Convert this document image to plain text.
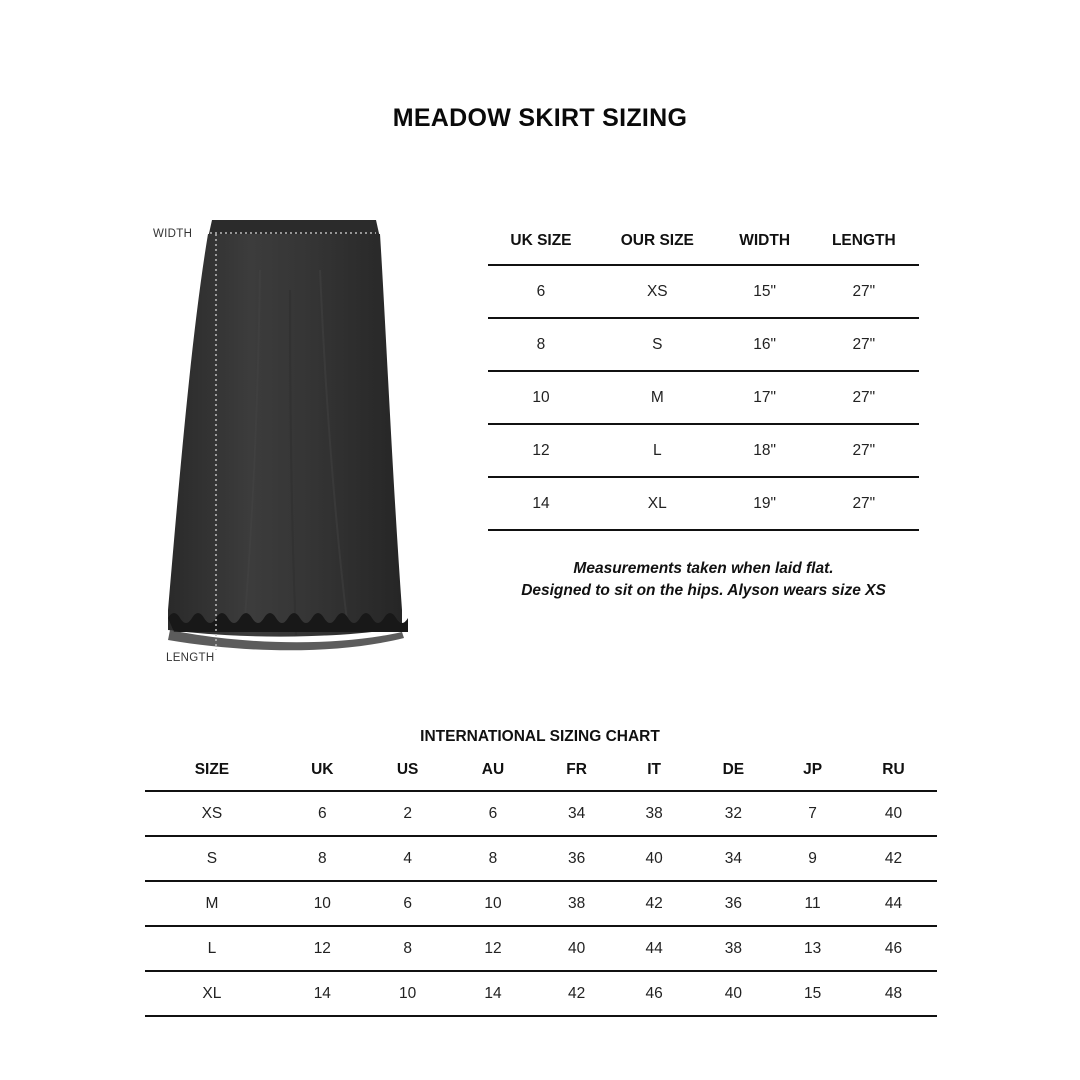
MEADOW SKIRT SIZING
WIDTH
LENGTH
UK SIZE	OUR SIZE	WIDTH	LENGTH
6	XS	15"	27"
8	S	16"	27"
10	M	17"	27"
12	L	18"	27"
14	XL	19"	27"
Measurements taken when laid flat.
Designed to sit on the hips. Alyson wears size XS
INTERNATIONAL SIZING CHART
SIZE	UK	US	AU	FR	IT	DE	JP	RU
XS	6	2	6	34	38	32	7	40
S	8	4	8	36	40	34	9	42
M	10	6	10	38	42	36	11	44
L	12	8	12	40	44	38	13	46
XL	14	10	14	42	46	40	15	48
